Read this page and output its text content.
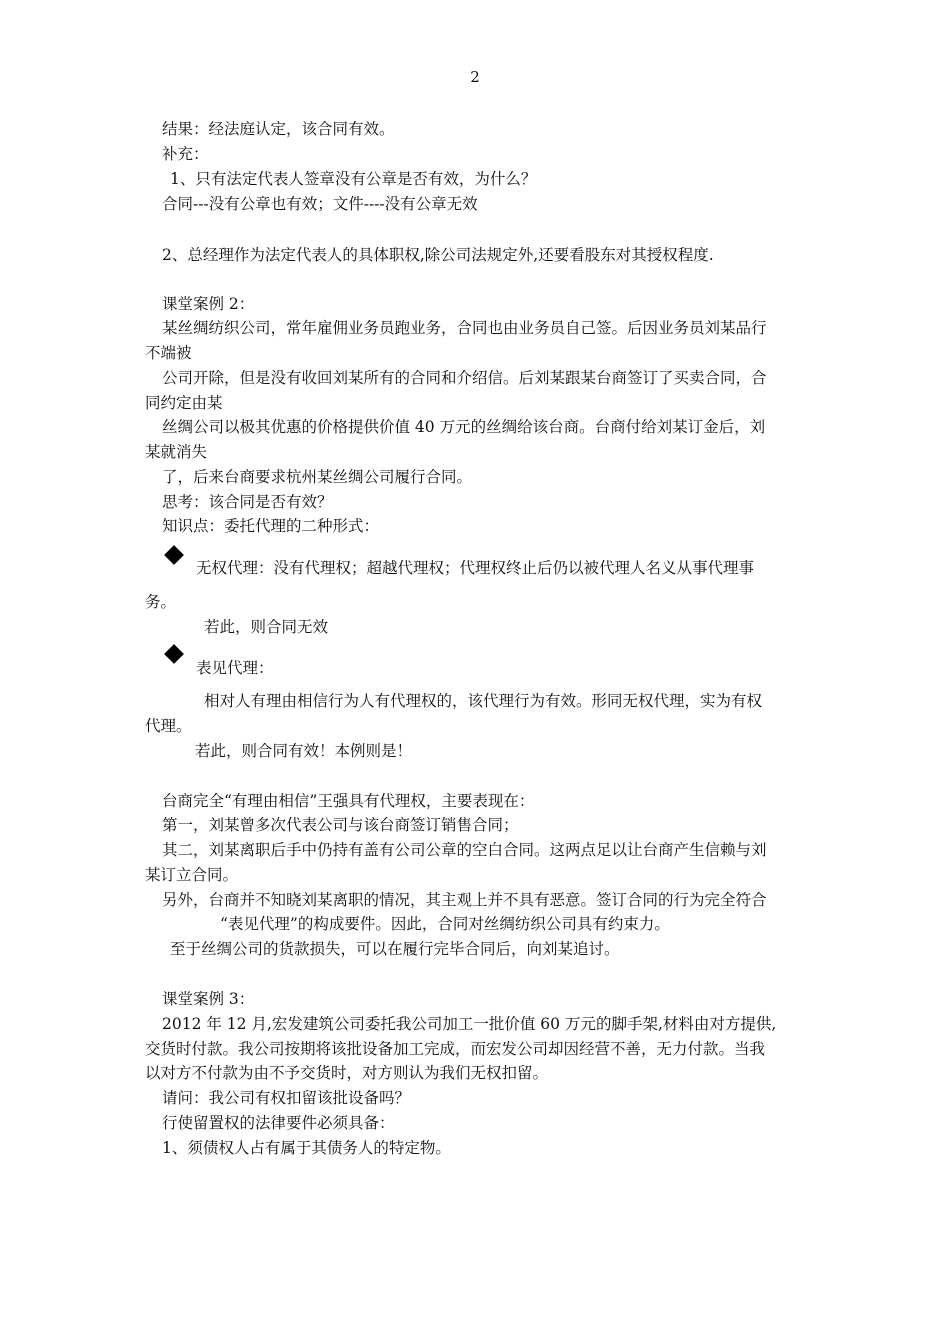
2
结果：经法庭认定，该合同有效。
补充：
1、只有法定代表人签章没有公章是否有效，为什么？
合同---没有公章也有效；文件----没有公章无效
2、总经理作为法定代表人的具体职权,除公司法规定外,还要看股东对其授权程度.
课堂案例 2：
某丝绸纺织公司，常年雇佣业务员跑业务，合同也由业务员自己签。后因业务员刘某品行
不端被
公司开除，但是没有收回刘某所有的合同和介绍信。后刘某跟某台商签订了买卖合同，合
同约定由某
丝绸公司以极其优惠的价格提供价值 40 万元的丝绸给该台商。台商付给刘某订金后，刘
某就消失
了，后来台商要求杭州某丝绸公司履行合同。
思考：该合同是否有效？
知识点：委托代理的二种形式：
无权代理：没有代理权；超越代理权；代理权终止后仍以被代理人名义从事代理事
务。
若此，则合同无效
表见代理：
相对人有理由相信行为人有代理权的，该代理行为有效。形同无权代理，实为有权
代理。
若此，则合同有效！本例则是！
台商完全“有理由相信”王强具有代理权，主要表现在：
第一，刘某曾多次代表公司与该台商签订销售合同；
其二，刘某离职后手中仍持有盖有公司公章的空白合同。这两点足以让台商产生信赖与刘
某订立合同。
另外，台商并不知晓刘某离职的情况，其主观上并不具有恶意。签订合同的行为完全符合
“表见代理”的构成要件。因此，合同对丝绸纺织公司具有约束力。
至于丝绸公司的货款损失，可以在履行完毕合同后，向刘某追讨。
课堂案例 3：
2012 年 12 月,宏发建筑公司委托我公司加工一批价值 60 万元的脚手架,材料由对方提供,
交货时付款。我公司按期将该批设备加工完成，而宏发公司却因经营不善，无力付款。当我
以对方不付款为由不予交货时，对方则认为我们无权扣留。
请问：我公司有权扣留该批设备吗？
行使留置权的法律要件必须具备：
1、须债权人占有属于其债务人的特定物。
